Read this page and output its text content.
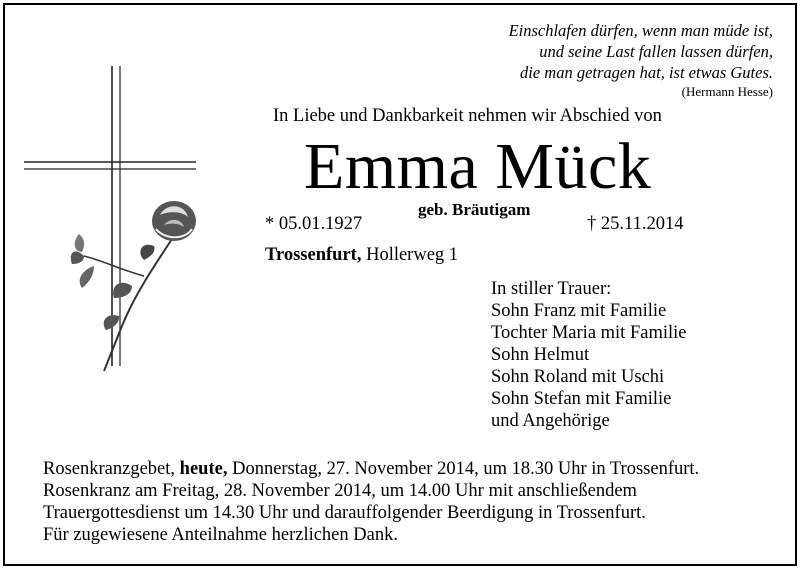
Einschlafen dürfen, wenn man müde ist,
und seine Last fallen lassen dürfen,
die man getragen hat, ist etwas Gutes.
(Hermann Hesse)
In Liebe und Dankbarkeit nehmen wir Abschied von
Emma Mück
* 05.01.1927
geb. Bräutigam
† 25.11.2014
Trossenfurt, Hollerweg 1
In stiller Trauer:
Sohn Franz mit Familie
Tochter Maria mit Familie
Sohn Helmut
Sohn Roland mit Uschi
Sohn Stefan mit Familie
und Angehörige
Rosenkranzgebet, heute, Donnerstag, 27. November 2014, um 18.30 Uhr in Trossenfurt.
Rosenkranz am Freitag, 28. November 2014, um 14.00 Uhr mit anschließendem
Trauergottesdienst um 14.30 Uhr und darauffolgender Beerdigung in Trossenfurt.
Für zugewiesene Anteilnahme herzlichen Dank.
